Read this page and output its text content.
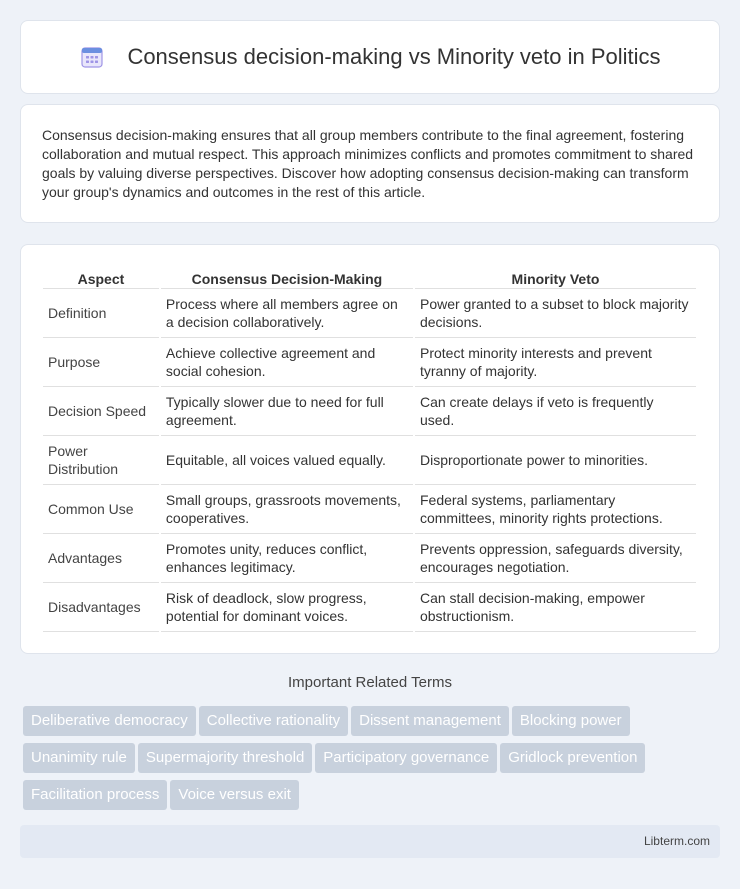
Consensus decision-making vs Minority veto in Politics

Consensus decision-making ensures that all group members contribute to the final agreement, fostering collaboration and mutual respect. This approach minimizes conflicts and promotes commitment to shared goals by valuing diverse perspectives. Discover how adopting consensus decision-making can transform your group's dynamics and outcomes in the rest of this article.

Aspect	Consensus Decision-Making	Minority Veto
Definition	Process where all members agree on a decision collaboratively.	Power granted to a subset to block majority decisions.
Purpose	Achieve collective agreement and social cohesion.	Protect minority interests and prevent tyranny of majority.
Decision Speed	Typically slower due to need for full agreement.	Can create delays if veto is frequently used.
Power Distribution	Equitable, all voices valued equally.	Disproportionate power to minorities.
Common Use	Small groups, grassroots movements, cooperatives.	Federal systems, parliamentary committees, minority rights protections.
Advantages	Promotes unity, reduces conflict, enhances legitimacy.	Prevents oppression, safeguards diversity, encourages negotiation.
Disadvantages	Risk of deadlock, slow progress, potential for dominant voices.	Can stall decision-making, empower obstructionism.
Important Related Terms
Deliberative democracy Collective rationality Dissent management Blocking power
Unanimity rule Supermajority threshold Participatory governance Gridlock prevention
Facilitation process Voice versus exit
Libterm.com
